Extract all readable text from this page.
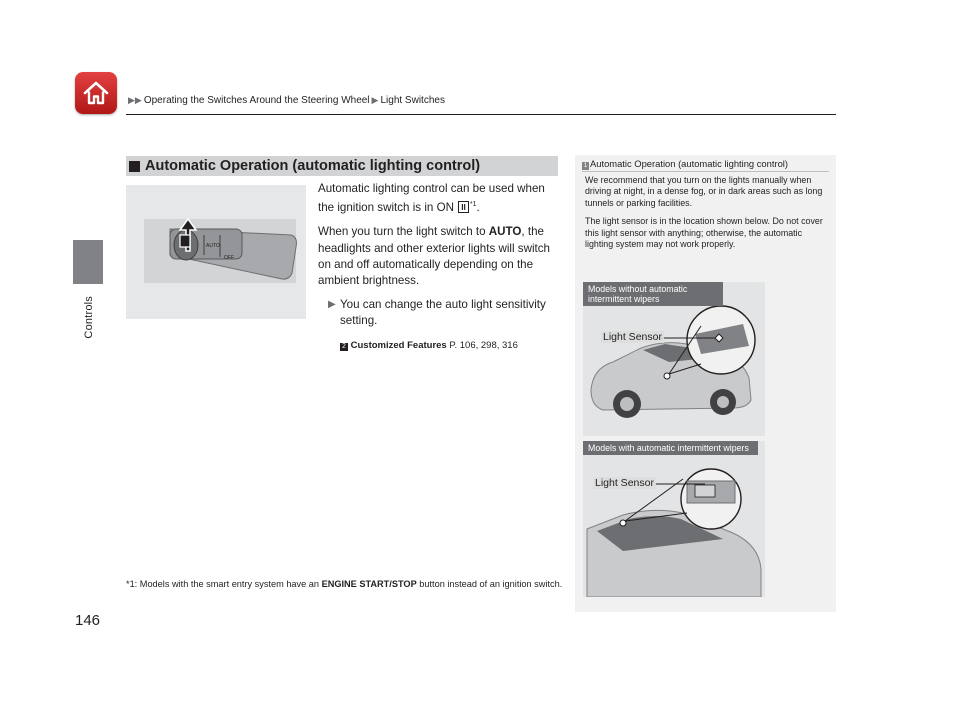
▶▶ Operating the Switches Around the Steering Wheel ▶ Light Switches
Controls
146
Automatic Operation (automatic lighting control)
AUTO
OFF

Automatic lighting control can be used when the ignition switch is in ON II $^{*1}$.

When you turn the light switch to AUTO, the headlights and other exterior lights will switch on and off automatically depending on the ambient brightness.

▶ You can change the auto light sensitivity setting.

2 Customized Features P. 106, 298, 316
*1: Models with the smart entry system have an ENGINE START/STOP button instead of an ignition switch.
1 Automatic Operation (automatic lighting control)

We recommend that you turn on the lights manually when driving at night, in a dense fog, or in dark areas such as long tunnels or parking facilities.

The light sensor is in the location shown below. Do not cover this light sensor with anything; otherwise, the automatic lighting system may not work properly.

Models without automatic intermittent wipers
Light Sensor
Models with automatic intermittent wipers
Light Sensor
